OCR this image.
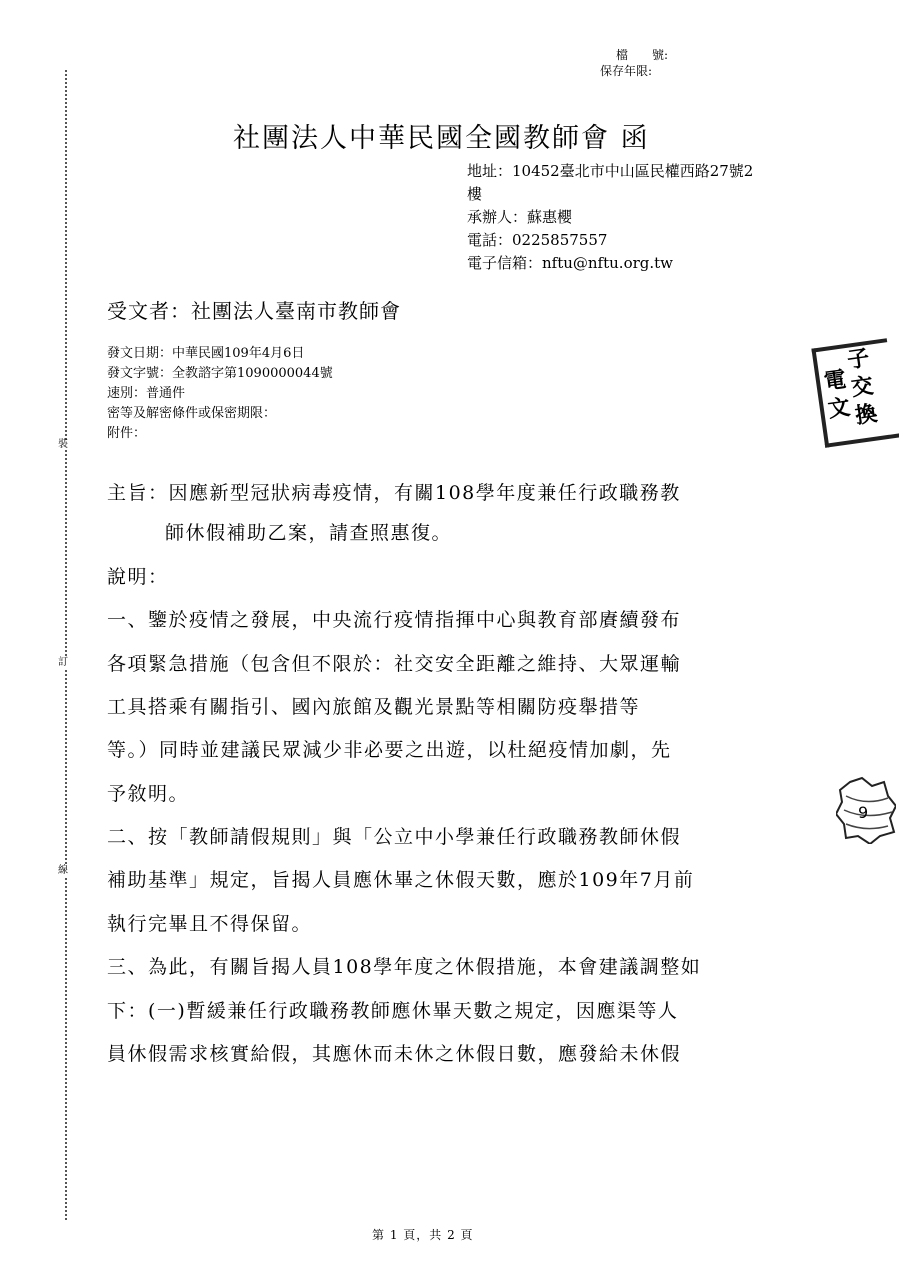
裝
訂
線
檔　　號:
保存年限:
社團法人中華民國全國教師會 函
地址：10452臺北市中山區民權西路27號2
樓
承辦人：蘇惠櫻
電話：0225857557
電子信箱：nftu@nftu.org.tw
受文者：社團法人臺南市教師會
發文日期：中華民國109年4月6日
發文字號：全教諮字第1090000044號
速別：普通件
密等及解密條件或保密期限：
附件：
主旨：因應新型冠狀病毒疫情，有關108學年度兼任行政職務教
師休假補助乙案，請查照惠復。
說明：
一、鑒於疫情之發展，中央流行疫情指揮中心與教育部賡續發布
各項緊急措施（包含但不限於：社交安全距離之維持、大眾運輸
工具搭乘有關指引、國內旅館及觀光景點等相關防疫舉措等
等。）同時並建議民眾減少非必要之出遊，以杜絕疫情加劇，先
予敘明。
二、按「教師請假規則」與「公立中小學兼任行政職務教師休假
補助基準」規定，旨揭人員應休畢之休假天數，應於109年7月前
執行完畢且不得保留。
三、為此，有關旨揭人員108學年度之休假措施，本會建議調整如
下：(一)暫緩兼任行政職務教師應休畢天數之規定，因應渠等人
員休假需求核實給假，其應休而未休之休假日數，應發給未休假
電
子
交
文 換
9
第 1 頁，共 2 頁
